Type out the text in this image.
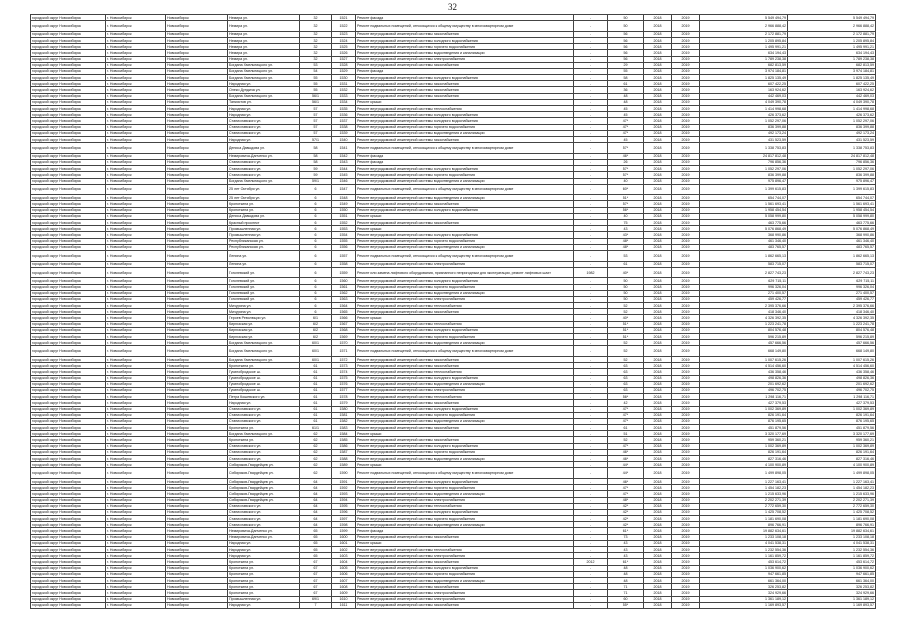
32
городской округ Новосибирск	г. Новосибирск	Новосибирск	Немира ул.	32	1521	Ремонт фасада	-	50	2018	2019	5 549 494,79	5 549 494,79
городской округ Новосибирск	г. Новосибирск	Новосибирск	Немира ул.	32	1522	Ремонт подвальных помещений, относящихся к общему имуществу в многоквартирном доме	-	50	2018	2019	2 966 888,42	2 966 888,42
городской округ Новосибирск	г. Новосибирск	Новосибирск	Немира ул.	32	1523	Ремонт внутридомовой инженерной системы газоснабжения	-	56	2018	2019	2 172 881,79	2 172 881,79
городской округ Новосибирск	г. Новосибирск	Новосибирск	Немира ул.	32	1524	Ремонт внутридомовой инженерной системы холодного водоснабжения	-	56	2018	2019	1 205 895,84	1 205 895,84
городской округ Новосибирск	г. Новосибирск	Новосибирск	Немира ул.	32	1525	Ремонт внутридомовой инженерной системы горячего водоснабжения	-	56	2018	2019	1 495 991,21	1 495 991,21
городской округ Новосибирск	г. Новосибирск	Новосибирск	Немира ул.	32	1526	Ремонт внутридомовой инженерной системы водоотведения и канализации	-	56	2018	2019	634 194,43	634 194,43
городской округ Новосибирск	г. Новосибирск	Новосибирск	Немира ул.	32	1527	Ремонт внутридомовой инженерной системы электроснабжения	-	56	2018	2019	1 789 238,38	1 789 238,38
городской округ Новосибирск	г. Новосибирск	Новосибирск	Богдана Хмельницкого ул.	53	1528	Ремонт внутридомовой инженерной системы газоснабжения	-	29	2018	2019	682 813,59	682 813,59
городской округ Новосибирск	г. Новосибирск	Новосибирск	Богдана Хмельницкого ул.	54	1529	Ремонт фасада	-	55	2018	2019	3 974 184,81	3 974 184,81
городской округ Новосибирск	г. Новосибирск	Новосибирск	Богдана Хмельницкого ул.	55	1530	Ремонт внутридомовой инженерной системы холодного водоснабжения	-	58	2018	2019	1 825 135,49	1 825 135,49
городской округ Новосибирск	г. Новосибирск	Новосибирск	Народная ул.	55	1531	Ремонт внутридомовой инженерной системы газоснабжения	-	61	2018	2019	607 422,25	607 422,25
городской округ Новосибирск	г. Новосибирск	Новосибирск	Олеко Дундича ул.	55	1532	Ремонт внутридомовой инженерной системы газоснабжения	-	36	2018	2019	163 924,62	163 924,62
городской округ Новосибирск	г. Новосибирск	Новосибирск	Богдана Хмельницкого ул.	56/1	1533	Ремонт внутридомовой инженерной системы газоснабжения	-	48	2018	2019	442 469,03	442 469,03
городской округ Новосибирск	г. Новосибирск	Новосибирск	Танкистов ул.	56/1	1534	Ремонт крыши	-	48	2018	2019	4 049 390,78	4 049 390,78
городской округ Новосибирск	г. Новосибирск	Новосибирск	Народная ул.	57	1535	Ремонт внутридомовой инженерной системы теплоснабжения	-	45	2018	2019	1 414 998,68	1 414 998,68
городской округ Новосибирск	г. Новосибирск	Новосибирск	Народная ул.	57	1536	Ремонт внутридомовой инженерной системы холодного водоснабжения	-	45	2018	2019	426 373,62	426 373,62
городской округ Новосибирск	г. Новосибирск	Новосибирск	Станиславского ул.	57	1537	Ремонт внутридомовой инженерной системы холодного водоснабжения	-	47*	2018	2019	1 052 297,06	1 052 297,06
городской округ Новосибирск	г. Новосибирск	Новосибирск	Станиславского ул.	57	1538	Ремонт внутридомовой инженерной системы горячего водоснабжения	-	47*	2018	2019	836 399,88	836 399,88
городской округ Новосибирск	г. Новосибирск	Новосибирск	Станиславского ул.	57	1539	Ремонт внутридомовой инженерной системы водоотведения и канализации	-	47*	2018	2019	492 173,24	492 173,24
городской округ Новосибирск	г. Новосибирск	Новосибирск	Народная ул.	57/1	1540	Ремонт внутридомовой инженерной системы газоснабжения	-	45	2018	2019	431 523,59	431 523,59
городской округ Новосибирск	г. Новосибирск	Новосибирск	Дениса Давыдова ул.	58	1541	Ремонт подвальных помещений, относящихся к общему имуществу в многоквартирном доме	-	57*	2018	2019	1 338 753,83	1 338 753,83
городской округ Новосибирск	г. Новосибирск	Новосибирск	Немировича-Данченко ул.	58	1542	Ремонт фасада	-	46*	2018	2019	24 817 812,48	24 817 812,48
городской округ Новосибирск	г. Новосибирск	Новосибирск	Станиславского ул.	58	1543	Ремонт фасада	-	26	2018	2019	796 856,36	796 856,36
городской округ Новосибирск	г. Новосибирск	Новосибирск	Станиславского ул.	59	1544	Ремонт внутридомовой инженерной системы холодного водоснабжения	-	57*	2018	2019	1 052 297,06	1 052 297,06
городской округ Новосибирск	г. Новосибирск	Новосибирск	Станиславского ул.	59	1545	Ремонт внутридомовой инженерной системы горячего водоснабжения	-	57*	2018	2019	836 399,88	836 399,88
городской округ Новосибирск	г. Новосибирск	Новосибирск	Богдана Хмельницкого ул.	59/1	1546	Ремонт внутридомовой инженерной системы водоотведения и канализации	-	40	2018	2019	975 896,47	975 896,47
городской округ Новосибирск	г. Новосибирск	Новосибирск	25 лет Октября ул.	6	1547	Ремонт подвальных помещений, относящихся к общему имуществу в многоквартирном доме	-	60*	2018	2019	1 399 615,83	1 399 615,83
городской округ Новосибирск	г. Новосибирск	Новосибирск	25 лет Октября ул.	6	1548	Ремонт внутридомовой инженерной системы водоотведения и канализации	-	51*	2018	2019	654 744,07	654 744,07
городской округ Новосибирск	г. Новосибирск	Новосибирск	Кропоткина ул.	6	1549	Ремонт внутридомовой инженерной системы газоснабжения	-	57*	2018	2019	1 561 693,41	1 561 693,41
городской округ Новосибирск	г. Новосибирск	Новосибирск	Кропоткина ул.	6	1550	Ремонт внутридомовой инженерной системы холодного водоснабжения	-	56*	2018	2019	1 958 454,54	1 958 454,54
городской округ Новосибирск	г. Новосибирск	Новосибирск	Дениса Давыдова ул.	6	1551	Ремонт крыши	-	40	2018	2019	5 058 999,80	5 058 999,80
городской округ Новосибирск	г. Новосибирск	Новосибирск	Красный проспект	6	1552	Ремонт внутридомовой инженерной системы газоснабжения	-	75	2018	2019	463 775,66	463 775,66
городской округ Новосибирск	г. Новосибирск	Новосибирск	Промышленная ул.	6	1553	Ремонт крыши	-	43	2018	2019	5 076 868,49	5 076 868,49
городской округ Новосибирск	г. Новосибирск	Новосибирск	Промышленная ул.	6	1554	Ремонт внутридомовой инженерной системы холодного водоснабжения	-	43*	2018	2019	368 990,86	368 990,86
городской округ Новосибирск	г. Новосибирск	Новосибирск	Республиканская ул.	6	1555	Ремонт внутридомовой инженерной системы горячего водоснабжения	-	48*	2018	2019	461 346,40	461 346,40
городской округ Новосибирск	г. Новосибирск	Новосибирск	Республиканская ул.	6	1556	Ремонт внутридомовой инженерной системы водоотведения и канализации	-	48*	2018	2019	483 765,57	483 765,57
городской округ Новосибирск	г. Новосибирск	Новосибирск	Ленина ул.	6	1557	Ремонт подвальных помещений, относящихся к общему имуществу в многоквартирном доме	-	53	2018	2019	1 862 665,13	1 862 665,13
городской округ Новосибирск	г. Новосибирск	Новосибирск	Ленина ул.	6	1558	Ремонт внутридомовой инженерной системы электроснабжения	-	61	2018	2019	583 715,07	583 715,07
городской округ Новосибирск	г. Новосибирск	Новосибирск	Гоголевский ул.	6	1559	Ремонт или замена лифтового оборудования, признанного непригодным для эксплуатации, ремонт лифтовых шахт	1982	40*	2018	2019	2 827 743,23	2 827 743,23
городской округ Новосибирск	г. Новосибирск	Новосибирск	Гоголевский ул.	6	1560	Ремонт внутридомовой инженерной системы холодного водоснабжения	-	50	2018	2019	629 715,11	629 715,11
городской округ Новосибирск	г. Новосибирск	Новосибирск	Гоголевский ул.	6	1561	Ремонт внутридомовой инженерной системы горячего водоснабжения	-	50	2018	2019	996 326,04	996 326,04
городской округ Новосибирск	г. Новосибирск	Новосибирск	Гоголевский ул.	6	1562	Ремонт внутридомовой инженерной системы водоотведения и канализации	-	50	2018	2019	271 400,57	271 400,57
городской округ Новосибирск	г. Новосибирск	Новосибирск	Гоголевский ул.	6	1563	Ремонт внутридомовой инженерной системы электроснабжения	-	50	2018	2019	459 426,77	459 426,77
городской округ Новосибирск	г. Новосибирск	Новосибирск	Мичурина ул.	6	1564	Ремонт внутридомовой инженерной системы теплоснабжения	-	52	2018	2019	2 395 376,66	2 395 376,66
городской округ Новосибирск	г. Новосибирск	Новосибирск	Мичурина ул.	6	1565	Ремонт внутридомовой инженерной системы газоснабжения	-	52	2018	2019	418 346,40	418 346,40
городской округ Новосибирск	г. Новосибирск	Новосибирск	Героев Революции ул.	6/1	1566	Ремонт крыши	-	40*	2018	2019	4 326 392,35	4 326 392,35
городской округ Новосибирск	г. Новосибирск	Новосибирск	Киргизская ул.	6/2	1567	Ремонт внутридомовой инженерной системы теплоснабжения	-	51*	2018	2019	1 223 241,78	1 223 241,78
городской округ Новосибирск	г. Новосибирск	Новосибирск	Киргизская ул.	6/2	1568	Ремонт внутридомовой инженерной системы холодного водоснабжения	-	51*	2018	2019	804 576,48	804 576,48
городской округ Новосибирск	г. Новосибирск	Новосибирск	Киргизская ул.	6/2	1569	Ремонт внутридомовой инженерной системы горячего водоснабжения	-	51*	2018	2019	596 215,89	596 215,89
городской округ Новосибирск	г. Новосибирск	Новосибирск	Богдана Хмельницкого ул.	60/1	1570	Ремонт внутридомовой инженерной системы водоотведения и канализации	-	52	2018	2019	457 666,56	457 666,56
городской округ Новосибирск	г. Новосибирск	Новосибирск	Богдана Хмельницкого ул.	60/1	1571	Ремонт подвальных помещений, относящихся к общему имуществу в многоквартирном доме	-	52	2018	2019	668 149,80	668 149,80
городской округ Новосибирск	г. Новосибирск	Новосибирск	Богдана Хмельницкого ул.	60/1	1572	Ремонт внутридомовой инженерной системы газоснабжения	-	52	2018	2019	1 007 615,26	1 007 615,26
городской округ Новосибирск	г. Новосибирск	Новосибирск	Кропоткина ул.	61	1573	Ремонт внутридомовой инженерной системы газоснабжения	-	63	2018	2019	4 514 456,60	4 514 456,60
городской округ Новосибирск	г. Новосибирск	Новосибирск	Гусинобродское ш.	61	1574	Ремонт внутридомовой инженерной системы теплоснабжения	-	63	2018	2019	436 358,46	436 358,46
городской округ Новосибирск	г. Новосибирск	Новосибирск	Гусинобродское ш.	61	1575	Ремонт внутридомовой инженерной системы холодного водоснабжения	-	63	2018	2019	498 826,36	498 826,36
городской округ Новосибирск	г. Новосибирск	Новосибирск	Гусинобродское ш.	61	1576	Ремонт внутридомовой инженерной системы водоотведения и канализации	-	63	2018	2019	201 692,62	201 692,62
городской округ Новосибирск	г. Новосибирск	Новосибирск	Гусинобродское ш.	61	1577	Ремонт внутридомовой инженерной системы электроснабжения	-	63	2018	2019	496 702,75	496 702,75
городской округ Новосибирск	г. Новосибирск	Новосибирск	Петра Кошевского ул.	61	1578	Ремонт внутридомовой инженерной системы теплоснабжения	-	56*	2018	2019	1 298 116,71	1 298 116,71
городской округ Новосибирск	г. Новосибирск	Новосибирск	Народная ул.	61	1579	Ремонт внутридомовой инженерной системы газоснабжения	-	42	2018	2019	427 379,53	427 379,53
городской округ Новосибирск	г. Новосибирск	Новосибирск	Станиславского ул.	61	1580	Ремонт внутридомовой инженерной системы холодного водоснабжения	-	47*	2018	2019	1 002 369,89	1 002 369,89
городской округ Новосибирск	г. Новосибирск	Новосибирск	Станиславского ул.	61	1581	Ремонт внутридомовой инженерной системы горячего водоснабжения	-	47*	2018	2019	826 191,64	826 191,64
городской округ Новосибирск	г. Новосибирск	Новосибирск	Станиславского ул.	61	1582	Ремонт внутридомовой инженерной системы водоотведения и канализации	-	47*	2018	2019	876 195,65	876 195,65
городской округ Новосибирск	г. Новосибирск	Новосибирск	Кропоткина ул.	61/1	1583	Ремонт внутридомовой инженерной системы газоснабжения	-	61	2018	2019	451 879,56	451 879,56
городской округ Новосибирск	г. Новосибирск	Новосибирск	Богдана Хмельницкого ул.	62	1584	Ремонт крыши	-	51	2018	2019	3 320 177,69	3 320 177,69
городской округ Новосибирск	г. Новосибирск	Новосибирск	Кропоткина ул.	62	1585	Ремонт внутридомовой инженерной системы газоснабжения	-	52	2018	2019	959 360,21	959 360,21
городской округ Новосибирск	г. Новосибирск	Новосибирск	Станиславского ул.	62	1586	Ремонт внутридомовой инженерной системы холодного водоснабжения	-	47*	2018	2019	1 002 369,89	1 002 369,89
городской округ Новосибирск	г. Новосибирск	Новосибирск	Станиславского ул.	62	1587	Ремонт внутридомовой инженерной системы горячего водоснабжения	-	46*	2018	2019	826 191,64	826 191,64
городской округ Новосибирск	г. Новосибирск	Новосибирск	Станиславского ул.	62	1588	Ремонт внутридомовой инженерной системы водоотведения и канализации	-	46*	2018	2019	827 316,46	827 316,46
городской округ Новосибирск	г. Новосибирск	Новосибирск	Сибиряков-Гвардейцев ул.	62	1589	Ремонт крыши	-	44*	2018	2019	4 100 900,89	4 100 900,89
городской округ Новосибирск	г. Новосибирск	Новосибирск	Сибиряков-Гвардейцев ул.	62	1590	Ремонт подвальных помещений, относящихся к общему имуществу в многоквартирном доме	-	44*	2018	2019	1 499 898,05	1 499 898,05
городской округ Новосибирск	г. Новосибирск	Новосибирск	Сибиряков-Гвардейцев ул.	64	1591	Ремонт внутридомовой инженерной системы холодного водоснабжения	-	46*	2018	2019	1 227 163,41	1 227 163,41
городской округ Новосибирск	г. Новосибирск	Новосибирск	Сибиряков-Гвардейцев ул.	64	1592	Ремонт внутридомовой инженерной системы горячего водоснабжения	-	47*	2018	2019	1 454 182,23	1 454 182,23
городской округ Новосибирск	г. Новосибирск	Новосибирск	Сибиряков-Гвардейцев ул.	64	1593	Ремонт внутридомовой инженерной системы водоотведения и канализации	-	47*	2018	2019	1 215 633,96	1 215 633,96
городской округ Новосибирск	г. Новосибирск	Новосибирск	Сибиряков-Гвардейцев ул.	64	1594	Ремонт внутридомовой инженерной системы электроснабжения	-	48*	2018	2019	2 202 271,39	2 202 271,39
городской округ Новосибирск	г. Новосибирск	Новосибирск	Станиславского ул.	64	1595	Ремонт внутридомовой инженерной системы теплоснабжения	-	42*	2018	2019	2 772 659,30	2 772 659,30
городской округ Новосибирск	г. Новосибирск	Новосибирск	Станиславского ул.	64	1596	Ремонт внутридомовой инженерной системы холодного водоснабжения	-	42*	2018	2019	1 425 708,52	1 425 708,52
городской округ Новосибирск	г. Новосибирск	Новосибирск	Станиславского ул.	64	1597	Ремонт внутридомовой инженерной системы горячего водоснабжения	-	42*	2018	2019	1 181 690,08	1 181 690,08
городской округ Новосибирск	г. Новосибирск	Новосибирск	Станиславского ул.	64	1598	Ремонт внутридомовой инженерной системы водоотведения и канализации	-	42*	2018	2019	896 766,91	896 766,91
городской округ Новосибирск	г. Новосибирск	Новосибирск	Немировича-Данченко ул.	65	1599	Ремонт фасада	-	61*	2018	2019	19 882 634,61	19 882 634,61
городской округ Новосибирск	г. Новосибирск	Новосибирск	Немировича-Данченко ул.	65	1600	Ремонт внутридомовой инженерной системы газоснабжения	-	73	2018	2019	1 233 108,18	1 233 108,18
городской округ Новосибирск	г. Новосибирск	Новосибирск	Народная ул.	65	1601	Ремонт крыши	-	43	2018	2019	4 041 538,31	4 041 538,31
городской округ Новосибирск	г. Новосибирск	Новосибирск	Народная ул.	65	1602	Ремонт внутридомовой инженерной системы теплоснабжения	-	43	2018	2019	1 232 554,36	1 232 554,36
городской округ Новосибирск	г. Новосибирск	Новосибирск	Народная ул.	65	1603	Ремонт внутридомовой инженерной системы электроснабжения	-	43	2018	2019	1 161 859,72	1 161 859,72
городской округ Новосибирск	г. Новосибирск	Новосибирск	Кропоткина ул.	67	1604	Ремонт внутридомовой инженерной системы газоснабжения	2012	61*	2018	2019	453 614,72	453 614,72
городской округ Новосибирск	г. Новосибирск	Новосибирск	Кропоткина ул.	67	1605	Ремонт внутридомовой инженерной системы холодного водоснабжения	-	48	2018	2019	1 036 900,62	1 036 900,62
городской округ Новосибирск	г. Новосибирск	Новосибирск	Кропоткина ул.	67	1606	Ремонт внутридомовой инженерной системы горячего водоснабжения	-	48	2018	2019	947 661,85	947 661,85
городской округ Новосибирск	г. Новосибирск	Новосибирск	Кропоткина ул.	67	1607	Ремонт внутридомовой инженерной системы водоотведения и канализации	-	48	2018	2019	661 364,00	661 364,00
городской округ Новосибирск	г. Новосибирск	Новосибирск	Кропоткина ул.	67	1608	Ремонт внутридомовой инженерной системы газоснабжения	-	71	2018	2019	326 253,82	326 253,82
городской округ Новосибирск	г. Новосибирск	Новосибирск	Кропоткина ул.	67	1609	Ремонт внутридомовой инженерной системы электроснабжения	-	71	2018	2019	324 929,66	324 929,66
городской округ Новосибирск	г. Новосибирск	Новосибирск	Промышленная ул.	69/1	1610	Ремонт внутридомовой инженерной системы электроснабжения	-	60	2018	2019	1 361 189,12	1 361 189,12
городской округ Новосибирск	г. Новосибирск	Новосибирск	Народная ул.	7	1611	Ремонт внутридомовой инженерной системы газоснабжения	-	55*	2018	2019	1 169 893,57	1 169 893,57
